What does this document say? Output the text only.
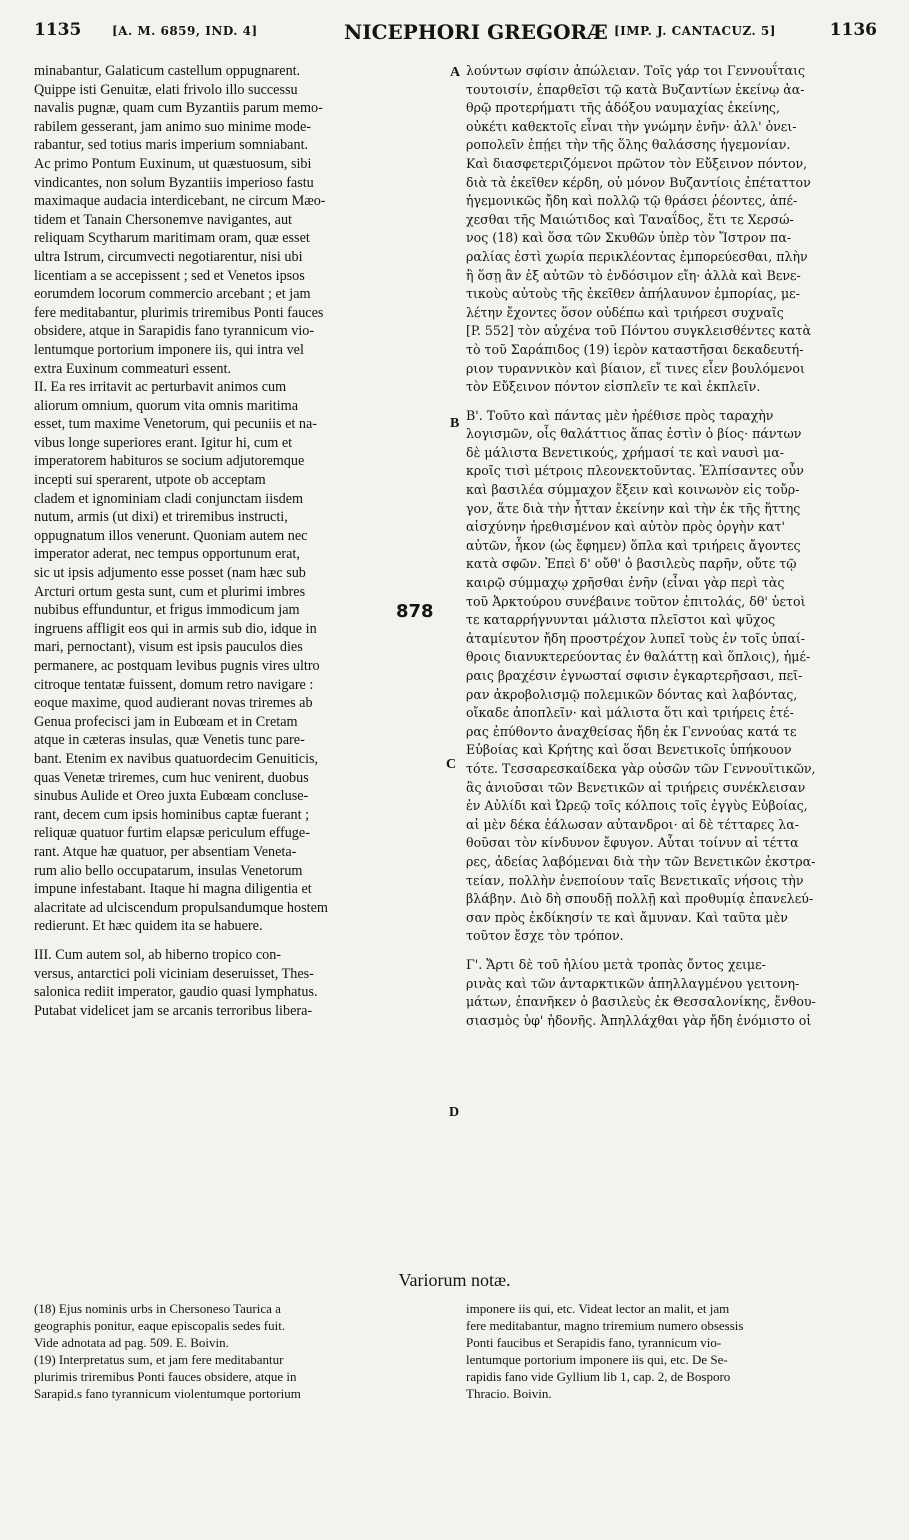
1135	[A. M. 6859, IND. 4]	NICEPHORI GREGORÆ [IMP. J. CANTACUZ. 5]	1136
A
B
C
D
878
minabantur, Galaticum castellum oppugnarent.
Quippe isti Genuitæ, elati frivolo illo successu
navalis pugnæ, quam cum Byzantiis parum memo-
rabilem gesserant, jam animo suo minime mode-
rabantur, sed totius maris imperium somniabant.
Ac primo Pontum Euxinum, ut quæstuosum, sibi
vindicantes, non solum Byzantiis imperioso fastu
maximaque audacia interdicebant, ne circum Mæo-
tidem et Tanain Chersonemve navigantes, aut
reliquam Scytharum maritimam oram, quæ esset
ultra Istrum, circumvecti negotiarentur, nisi ubi
licentiam a se accepissent ; sed et Venetos ipsos
eorumdem locorum commercio arcebant ; et jam
fere meditabantur, plurimis triremibus Ponti fauces
obsidere, atque in Sarapidis fano tyrannicum vio-
lentumque portorium imponere iis, qui intra vel
extra Euxinum commeaturi essent.
II. Ea res irritavit ac perturbavit animos cum
aliorum omnium, quorum vita omnis maritima
esset, tum maxime Venetorum, qui pecuniis et na-
vibus longe superiores erant. Igitur hi, cum et
imperatorem habituros se socium adjutoremque
incepti sui sperarent, utpote ob acceptam
cladem et ignominiam cladi conjunctam iisdem
nutum, armis (ut dixi) et triremibus instructi,
oppugnatum illos venerunt. Quoniam autem nec
imperator aderat, nec tempus opportunum erat,
sic ut ipsis adjumento esse posset (nam hæc sub
Arcturi ortum gesta sunt, cum et plurimi imbres
nubibus effunduntur, et frigus immodicum jam
ingruens affligit eos qui in armis sub dio, idque in
mari, pernoctant), visum est ipsis pauculos dies
permanere, ac postquam levibus pugnis vires ultro
citroque tentatæ fuissent, domum retro navigare :
eoque maxime, quod audierant novas triremes ab
Genua profecisci jam in Eubœam et in Cretam
atque in cæteras insulas, quæ Venetis tunc pare-
bant. Etenim ex navibus quatuordecim Genuiticis,
quas Venetæ triremes, cum huc venirent, duobus
sinubus Aulide et Oreo juxta Eubœam concluse-
rant, decem cum ipsis hominibus captæ fuerant ;
reliquæ quatuor furtim elapsæ periculum effuge-
rant. Atque hæ quatuor, per absentiam Veneta-
rum alio bello occupatarum, insulas Venetorum
impune infestabant. Itaque hi magna diligentia et
alacritate ad ulciscendum propulsandumque hostem
redierunt. Et hæc quidem ita se habuere.
III. Cum autem sol, ab hiberno tropico con-
versus, antarctici poli viciniam deseruisset, Thes-
salonica rediit imperator, gaudio quasi lymphatus.
Putabat videlicet jam se arcanis terroribus libera-
λούντων σφίσιν ἀπώλειαν. Τοῖς γάρ τοι Γεννουΐταις
τουτοισίν, ἐπαρθεῖσι τῷ κατὰ Βυζαντίων ἐκείνῳ ἀα-
θρῷ προτερήματι τῆς ἀδόξου ναυμαχίας ἐκείνης,
οὐκέτι καθεκτοῖς εἶναι τὴν γνώμην ἐνῆν· ἀλλ' ὀνει-
ροπολεῖν ἐπῄει τὴν τῆς ὅλης θαλάσσης ἡγεμονίαν.
Καὶ διασφετεριζόμενοι πρῶτον τὸν Εὔξεινον πόντον,
διὰ τὰ ἐκεῖθεν κέρδη, οὐ μόνον Βυζαντίοις ἐπέταττον
ἡγεμονικῶς ἤδη καὶ πολλῷ τῷ θράσει ῥέοντες, ἀπέ-
χεσθαι τῆς Μαιώτιδος καὶ Ταναΐδος, ἔτι τε Χερσώ-
νος (18) καὶ ὅσα τῶν Σκυθῶν ὑπὲρ τὸν Ἴστρον πα-
ραλίας ἐστὶ χωρία περικλέοντας ἐμπορεύεσθαι, πλὴν
ἢ ὅσῃ ἂν ἐξ αὐτῶν τὸ ἐνδόσιμον εἴη· ἀλλὰ καὶ Βενε-
τικοὺς αὐτοὺς τῆς ἐκεῖθεν ἀπήλαυνον ἐμπορίας, με-
λέτην ἔχοντες ὅσον οὐδέπω καὶ τριήρεσι συχναῖς
[P. 552] τὸν αὐχένα τοῦ Πόντου συγκλεισθέντες κατὰ
τὸ τοῦ Σαράπιδος (19) ἱερὸν καταστῆσαι δεκαδευτή-
ριον τυραννικὸν καὶ βίαιον, εἴ τινες εἶεν βουλόμενοι
τὸν Εὔξεινον πόντον εἰσπλεῖν τε καὶ ἐκπλεῖν.
Β'. Τοῦτο καὶ πάντας μὲν ἠρέθισε πρὸς ταραχὴν
λογισμῶν, οἷς θαλάττιος ἅπας ἐστὶν ὁ βίος· πάντων
δὲ μάλιστα Βενετικούς, χρήμασί τε καὶ ναυσὶ μα-
κροῖς τισὶ μέτροις πλεονεκτοῦντας. Ἐλπίσαντες οὖν
καὶ βασιλέα σύμμαχον ἕξειν καὶ κοινωνὸν εἰς τοὔρ-
γον, ἅτε διὰ τὴν ἧτταν ἐκείνην καὶ τὴν ἐκ τῆς ἥττης
αἰσχύνην ἠρεθισμένον καὶ αὐτὸν πρὸς ὀργὴν κατ'
αὐτῶν, ἧκον (ὡς ἔφημεν) ὅπλα καὶ τριήρεις ἄγοντες
κατὰ σφῶν. Ἐπεὶ δ' οὔθ' ὁ βασιλεὺς παρῆν, οὔτε τῷ
καιρῷ σύμμαχῳ χρῆσθαι ἐνῆν (εἶναι γὰρ περὶ τὰς
τοῦ Ἀρκτούρου συνέβαινε τοῦτον ἐπιτολάς, δθ' ὑετοὶ
τε καταρρήγνυνται μάλιστα πλεῖστοι καὶ ψῦχος
ἀταμίευτον ἤδη προστρέχον λυπεῖ τοὺς ἐν τοῖς ὑπαί-
θροις διανυκτερεύοντας ἐν θαλάττῃ καὶ ὅπλοις), ἡμέ-
ραις βραχέσιν ἐγνωσταί σφισιν ἐγκαρτερῆσασι, πεῖ-
ραν ἀκροβολισμῷ πολεμικῶν δόντας καὶ λαβόντας,
οἴκαδε ἀποπλεῖν· καὶ μάλιστα ὅτι καὶ τριήρεις ἑτέ-
ρας ἐπύθοντο ἀναχθείσας ἤδη ἐκ Γεννούας κατά τε
Εὐβοίας καὶ Κρήτης καὶ ὅσαι Βενετικοῖς ὑπήκουον
τότε. Τεσσαρεσκαίδεκα γὰρ οὐσῶν τῶν Γεννουϊτικῶν,
ἃς ἀνιοῦσαι τῶν Βενετικῶν αἱ τριήρεις συνέκλεισαν
ἐν Αὐλίδι καὶ Ὠρεῷ τοῖς κόλποις τοῖς ἐγγὺς Εὐβοίας,
αἱ μὲν δέκα ἑάλωσαν αὐτανδροι· αἱ δὲ τέτταρες λα-
θοῦσαι τὸν κίνδυνον ἔφυγον. Αὗται τοίνυν αἱ τέττα
ρες, ἀδείας λαβόμεναι διὰ τὴν τῶν Βενετικῶν ἐκστρα-
τείαν, πολλὴν ἐνεποίουν ταῖς Βενετικαῖς νήσοις τὴν
βλάβην. Διὸ δὴ σπουδῇ πολλῇ καὶ προθυμίᾳ ἐπανελεύ-
σαν πρὸς ἐκδίκησίν τε καὶ ἄμυναν. Καὶ ταῦτα μὲν
τοῦτον ἔσχε τὸν τρόπον.
Γ'. Ἄρτι δὲ τοῦ ἡλίου μετὰ τροπὰς ὄντος χειμε-
ρινὰς καὶ τῶν ἀνταρκτικῶν ἀπηλλαγμένου γειτονη-
μάτων, ἐπανῆκεν ὁ βασιλεὺς ἐκ Θεσσαλονίκης, ἔνθου-
σιασμὸς ὑφ' ἡδονῆς. Ἀπηλλάχθαι γὰρ ἤδη ἐνόμιστο οἱ
Variorum notæ.
(18) Ejus nominis urbs in Chersoneso Taurica a
geographis ponitur, eaque episcopalis sedes fuit.
Vide adnotata ad pag. 509. E. Boivin.
(19) Interpretatus sum, et jam fere meditabantur
plurimis triremibus Ponti fauces obsidere, atque in
Sarapid.s fano tyrannicum violentumque portorium
imponere iis qui, etc. Videat lector an malit, et jam
fere meditabantur, magno triremium numero obsessis
Ponti faucibus et Serapidis fano, tyrannicum vio-
lentumque portorium imponere iis qui, etc. De Se-
rapidis fano vide Gyllium lib 1, cap. 2, de Bosporo
Thracio. Boivin.
